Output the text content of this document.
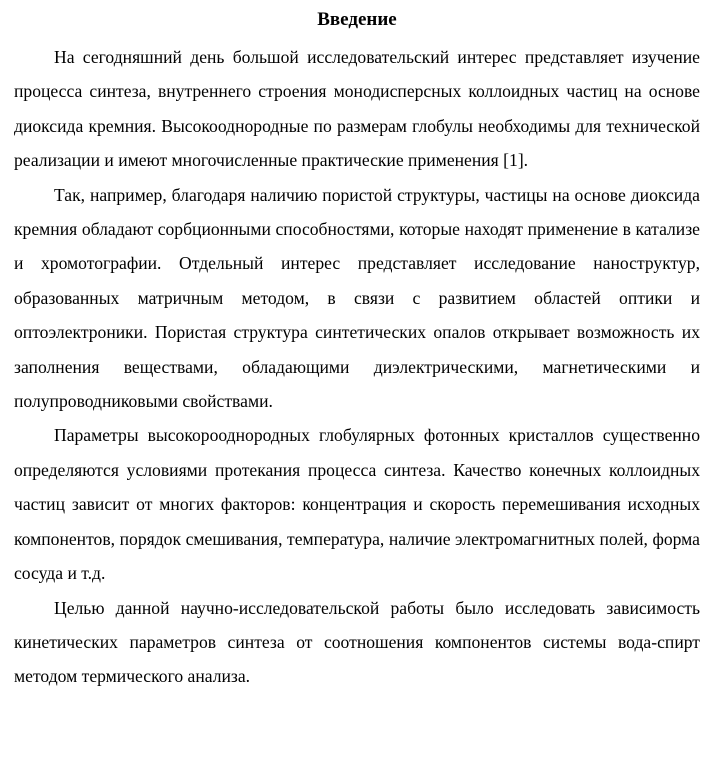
Введение

На сегодняшний день большой исследовательский интерес представляет изучение процесса синтеза, внутреннего строения монодисперсных коллоидных частиц на основе диоксида кремния. Высокооднородные по размерам глобулы необходимы для технической реализации и имеют многочисленные практические применения [1].

Так, например, благодаря наличию пористой структуры, частицы на основе диоксида кремния обладают сорбционными способностями, которые находят применение в катализе и хромотографии. Отдельный интерес представляет исследование наноструктур, образованных матричным методом, в связи с развитием областей оптики и оптоэлектроники. Пористая структура синтетических опалов открывает возможность их заполнения веществами, обладающими диэлектрическими, магнетическими и полупроводниковыми свойствами.

Параметры высокорооднородных глобулярных фотонных кристаллов существенно определяются условиями протекания процесса синтеза. Качество конечных коллоидных частиц зависит от многих факторов: концентрация и скорость перемешивания исходных компонентов, порядок смешивания, температура, наличие электромагнитных полей, форма сосуда и т.д.

Целью данной научно-исследовательской работы было исследовать зависимость кинетических параметров синтеза от соотношения компонентов системы вода-спирт методом термического анализа.
